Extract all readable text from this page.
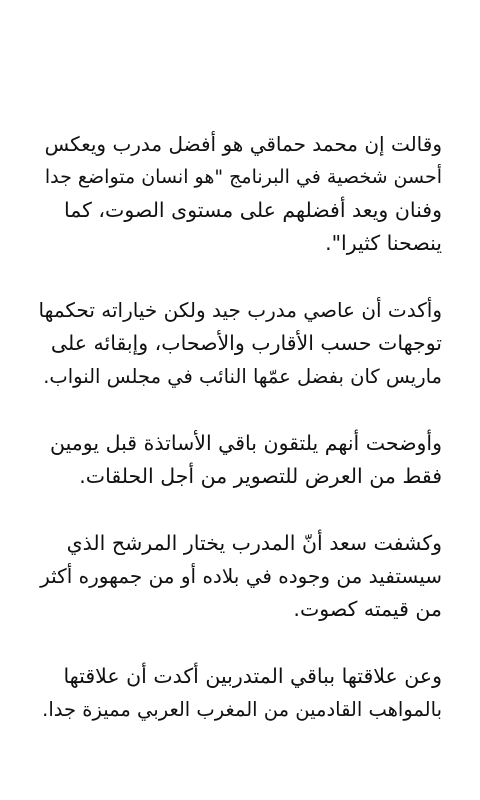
وقالت إن محمد حماقي هو أفضل مدرب ويعكس
أحسن شخصية في البرنامج "هو انسان متواضع جدا
وفنان ويعد أفضلهم على مستوى الصوت، كما
ينصحنا كثيرا".

وأكدت أن عاصي مدرب جيد ولكن خياراته تحكمها
توجهات حسب الأقارب والأصحاب، وإبقائه على
ماريس كان بفضل عمّها النائب في مجلس النواب.

وأوضحت أنهم يلتقون باقي الأساتذة قبل يومين
فقط من العرض للتصوير من أجل الحلقات.

وكشفت سعد أنّ المدرب يختار المرشح الذي
سيستفيد من وجوده في بلاده أو من جمهوره أكثر
من قيمته كصوت.

وعن علاقتها بباقي المتدربين أكدت أن علاقتها
بالمواهب القادمين من المغرب العربي مميزة جدا.
